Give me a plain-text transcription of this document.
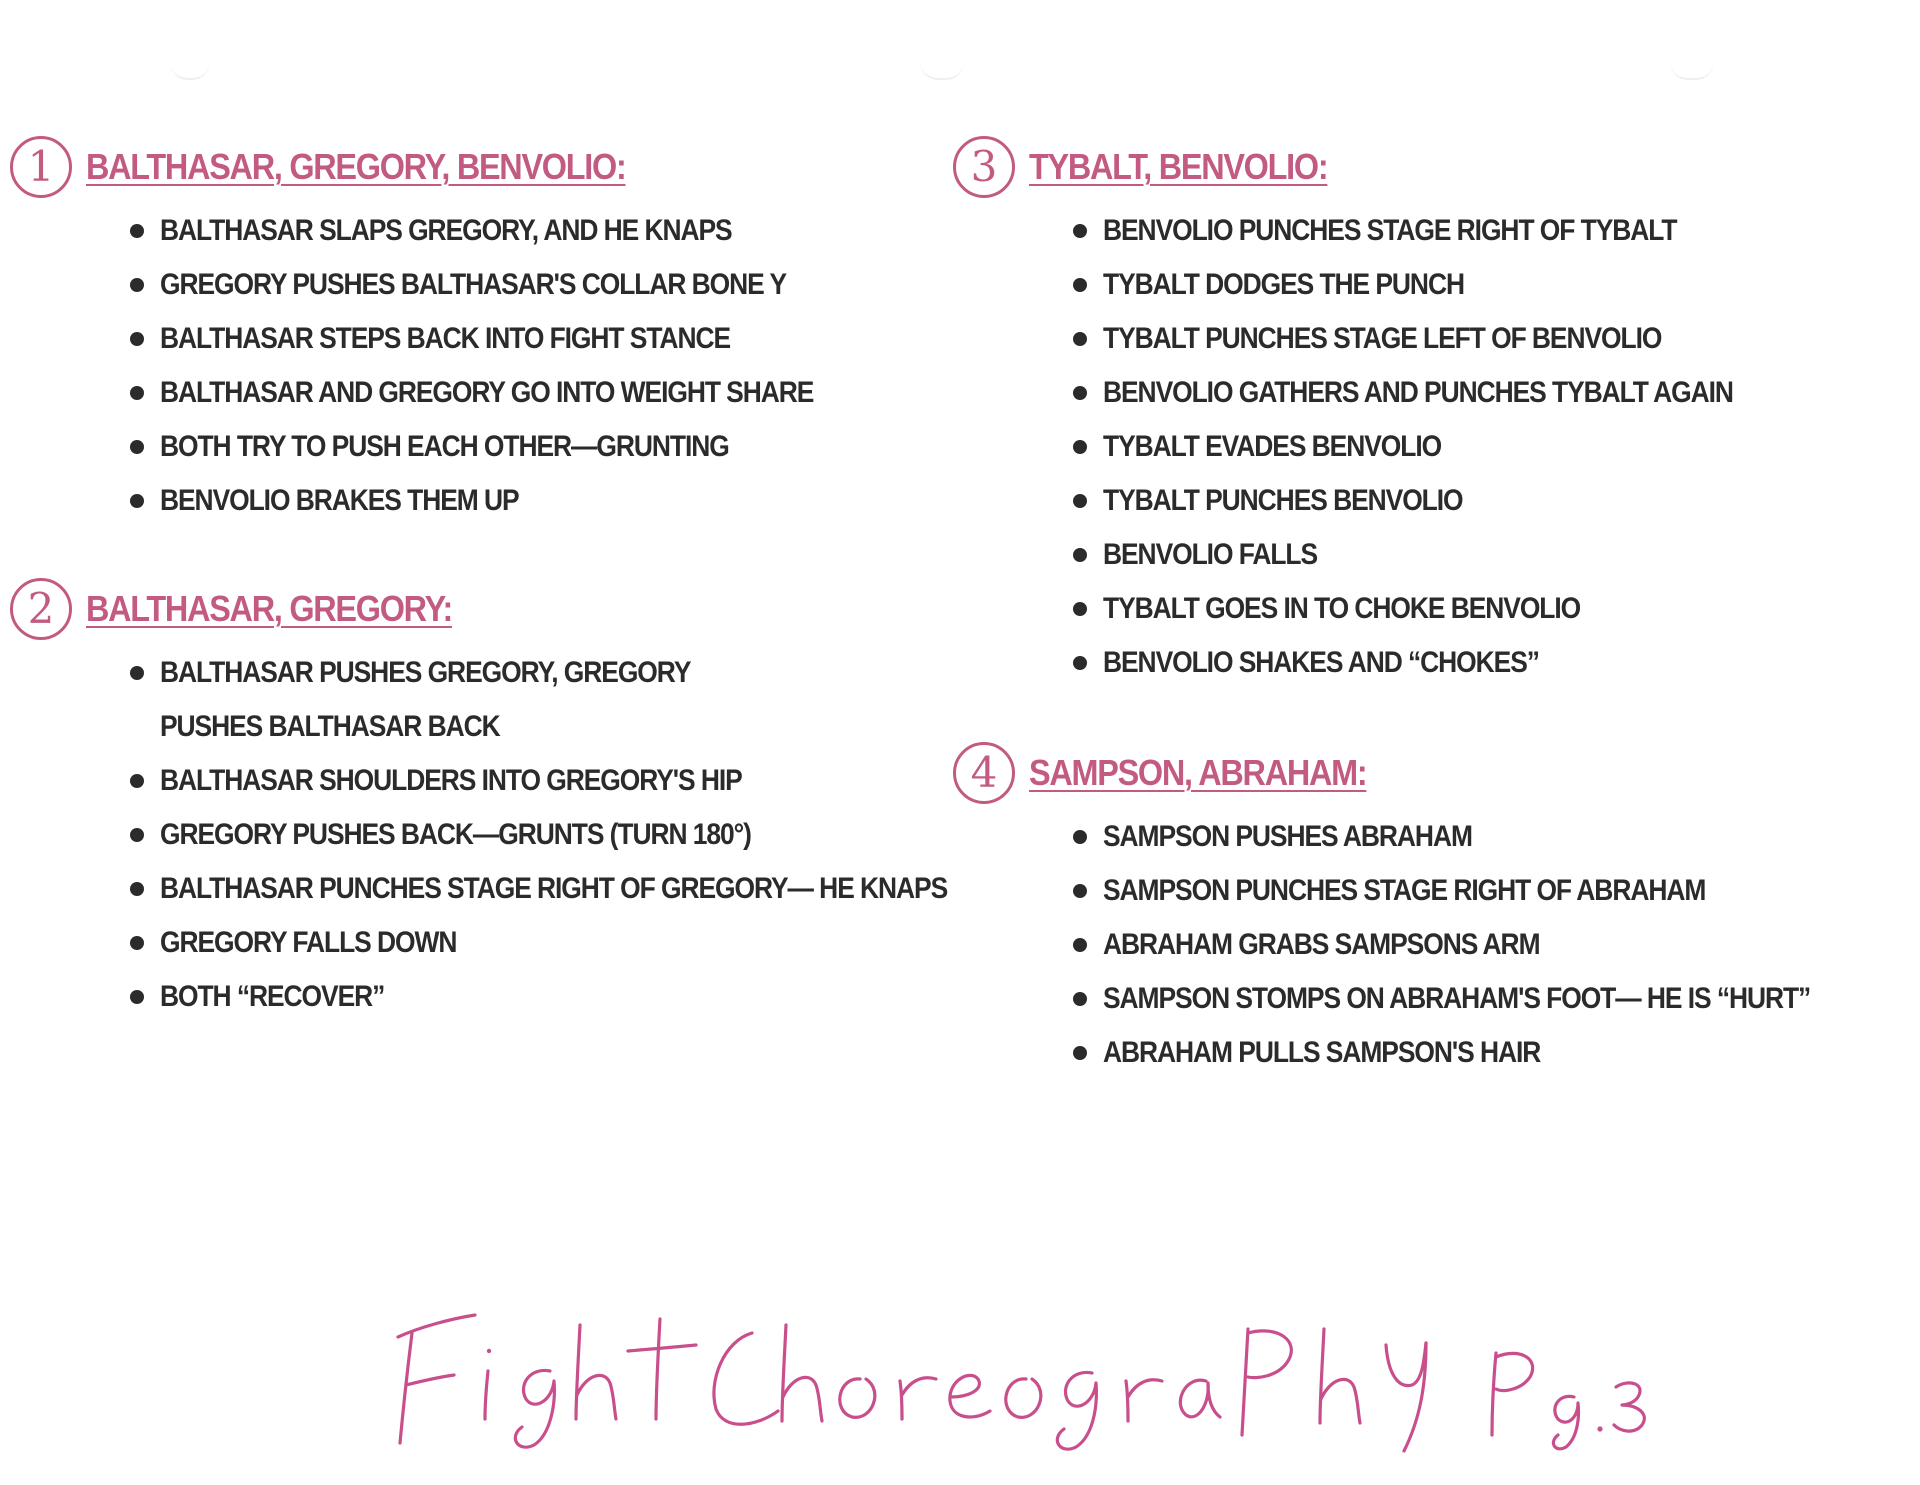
1 BALTHASAR, GREGORY, BENVOLIO:
BALTHASAR SLAPS GREGORY, AND HE KNAPS
GREGORY PUSHES BALTHASAR'S COLLAR BONE Y
BALTHASAR STEPS BACK INTO FIGHT STANCE
BALTHASAR AND GREGORY GO INTO WEIGHT SHARE
BOTH TRY TO PUSH EACH OTHER—GRUNTING
BENVOLIO BRAKES THEM UP
2 BALTHASAR, GREGORY:
BALTHASAR PUSHES GREGORY, GREGORY PUSHES BALTHASAR BACK
BALTHASAR SHOULDERS INTO GREGORY'S HIP
GREGORY PUSHES BACK—GRUNTS (TURN 180°)
BALTHASAR PUNCHES STAGE RIGHT OF GREGORY— HE KNAPS
GREGORY FALLS DOWN
BOTH “RECOVER”
3 TYBALT, BENVOLIO:
BENVOLIO PUNCHES STAGE RIGHT OF TYBALT
TYBALT DODGES THE PUNCH
TYBALT PUNCHES STAGE LEFT OF BENVOLIO
BENVOLIO GATHERS AND PUNCHES TYBALT AGAIN
TYBALT EVADES BENVOLIO
TYBALT PUNCHES BENVOLIO
BENVOLIO FALLS
TYBALT GOES IN TO CHOKE BENVOLIO
BENVOLIO SHAKES AND “CHOKES”
4 SAMPSON, ABRAHAM:
SAMPSON PUSHES ABRAHAM
SAMPSON PUNCHES STAGE RIGHT OF ABRAHAM
ABRAHAM GRABS SAMPSONS ARM
SAMPSON STOMPS ON ABRAHAM'S FOOT— HE IS “HURT”
ABRAHAM PULLS SAMPSON'S HAIR
